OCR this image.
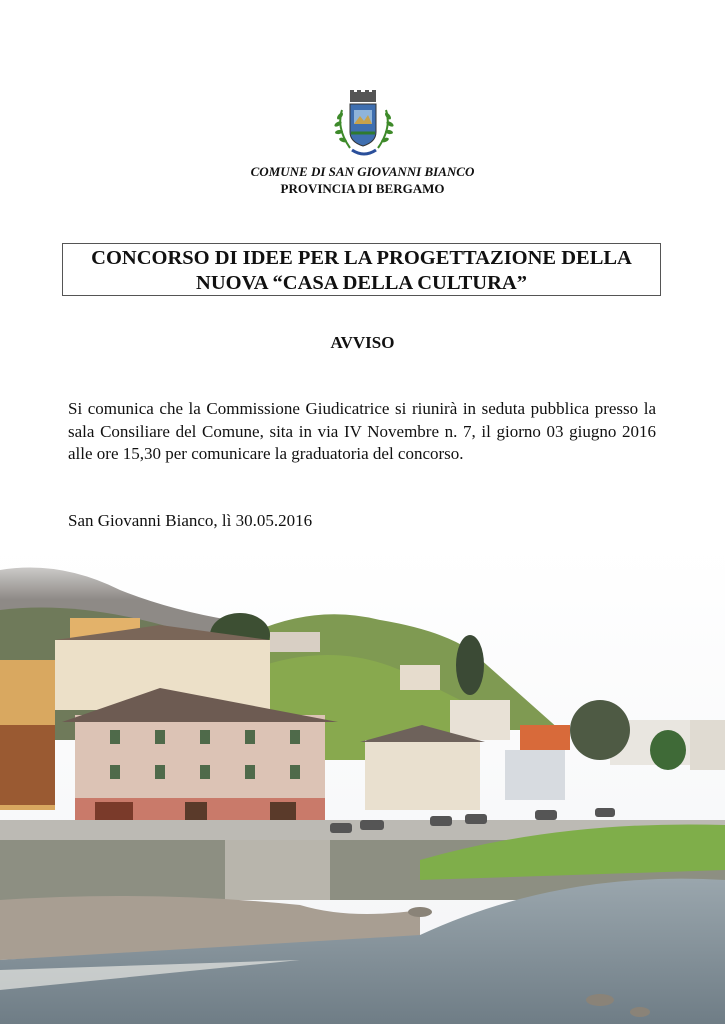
COMUNE DI SAN GIOVANNI BIANCO
PROVINCIA DI BERGAMO
CONCORSO DI IDEE PER LA PROGETTAZIONE DELLA
NUOVA “CASA DELLA CULTURA”
AVVISO
Si comunica che la Commissione Giudicatrice si riunirà in seduta pubblica presso la sala Consiliare del Comune, sita in via IV Novembre n. 7, il giorno 03 giugno 2016 alle ore 15,30 per comunicare la graduatoria del concorso.
San Giovanni Bianco, lì 30.05.2016
